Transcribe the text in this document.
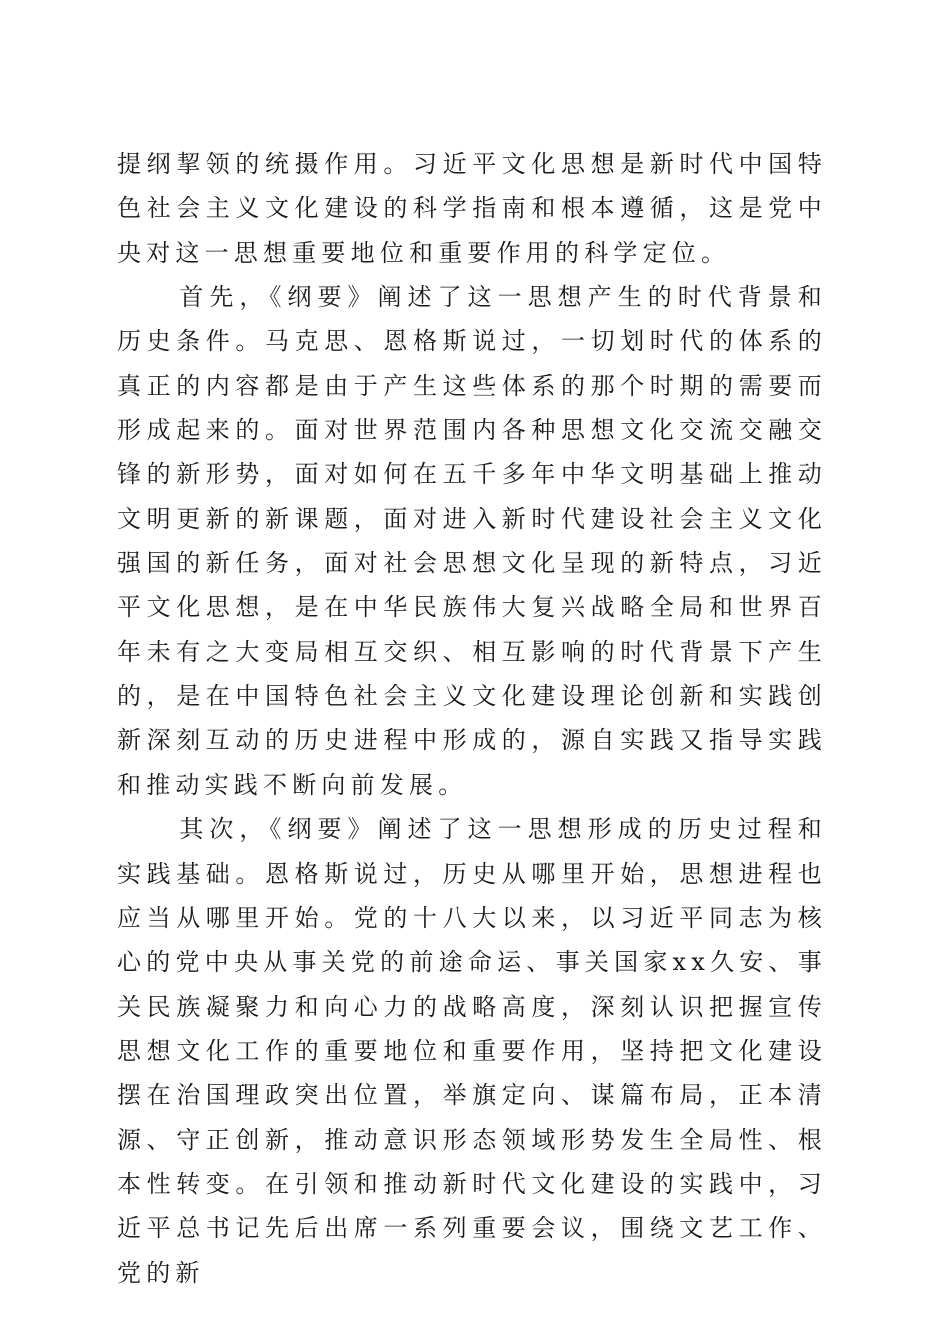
提纲挈领的统摄作用。习近平文化思想是新时代中国特色社会主义文化建设的科学指南和根本遵循，这是党中央对这一思想重要地位和重要作用的科学定位。

首先，《纲要》阐述了这一思想产生的时代背景和历史条件。马克思、恩格斯说过，一切划时代的体系的真正的内容都是由于产生这些体系的那个时期的需要而形成起来的。面对世界范围内各种思想文化交流交融交锋的新形势，面对如何在五千多年中华文明基础上推动文明更新的新课题，面对进入新时代建设社会主义文化强国的新任务，面对社会思想文化呈现的新特点，习近平文化思想，是在中华民族伟大复兴战略全局和世界百年未有之大变局相互交织、相互影响的时代背景下产生的，是在中国特色社会主义文化建设理论创新和实践创新深刻互动的历史进程中形成的，源自实践又指导实践和推动实践不断向前发展。

其次，《纲要》阐述了这一思想形成的历史过程和实践基础。恩格斯说过，历史从哪里开始，思想进程也应当从哪里开始。党的十八大以来，以习近平同志为核心的党中央从事关党的前途命运、事关国家xx久安、事关民族凝聚力和向心力的战略高度，深刻认识把握宣传思想文化工作的重要地位和重要作用，坚持把文化建设摆在治国理政突出位置，举旗定向、谋篇布局，正本清源、守正创新，推动意识形态领域形势发生全局性、根本性转变。在引领和推动新时代文化建设的实践中，习近平总书记先后出席一系列重要会议，围绕文艺工作、党的新
